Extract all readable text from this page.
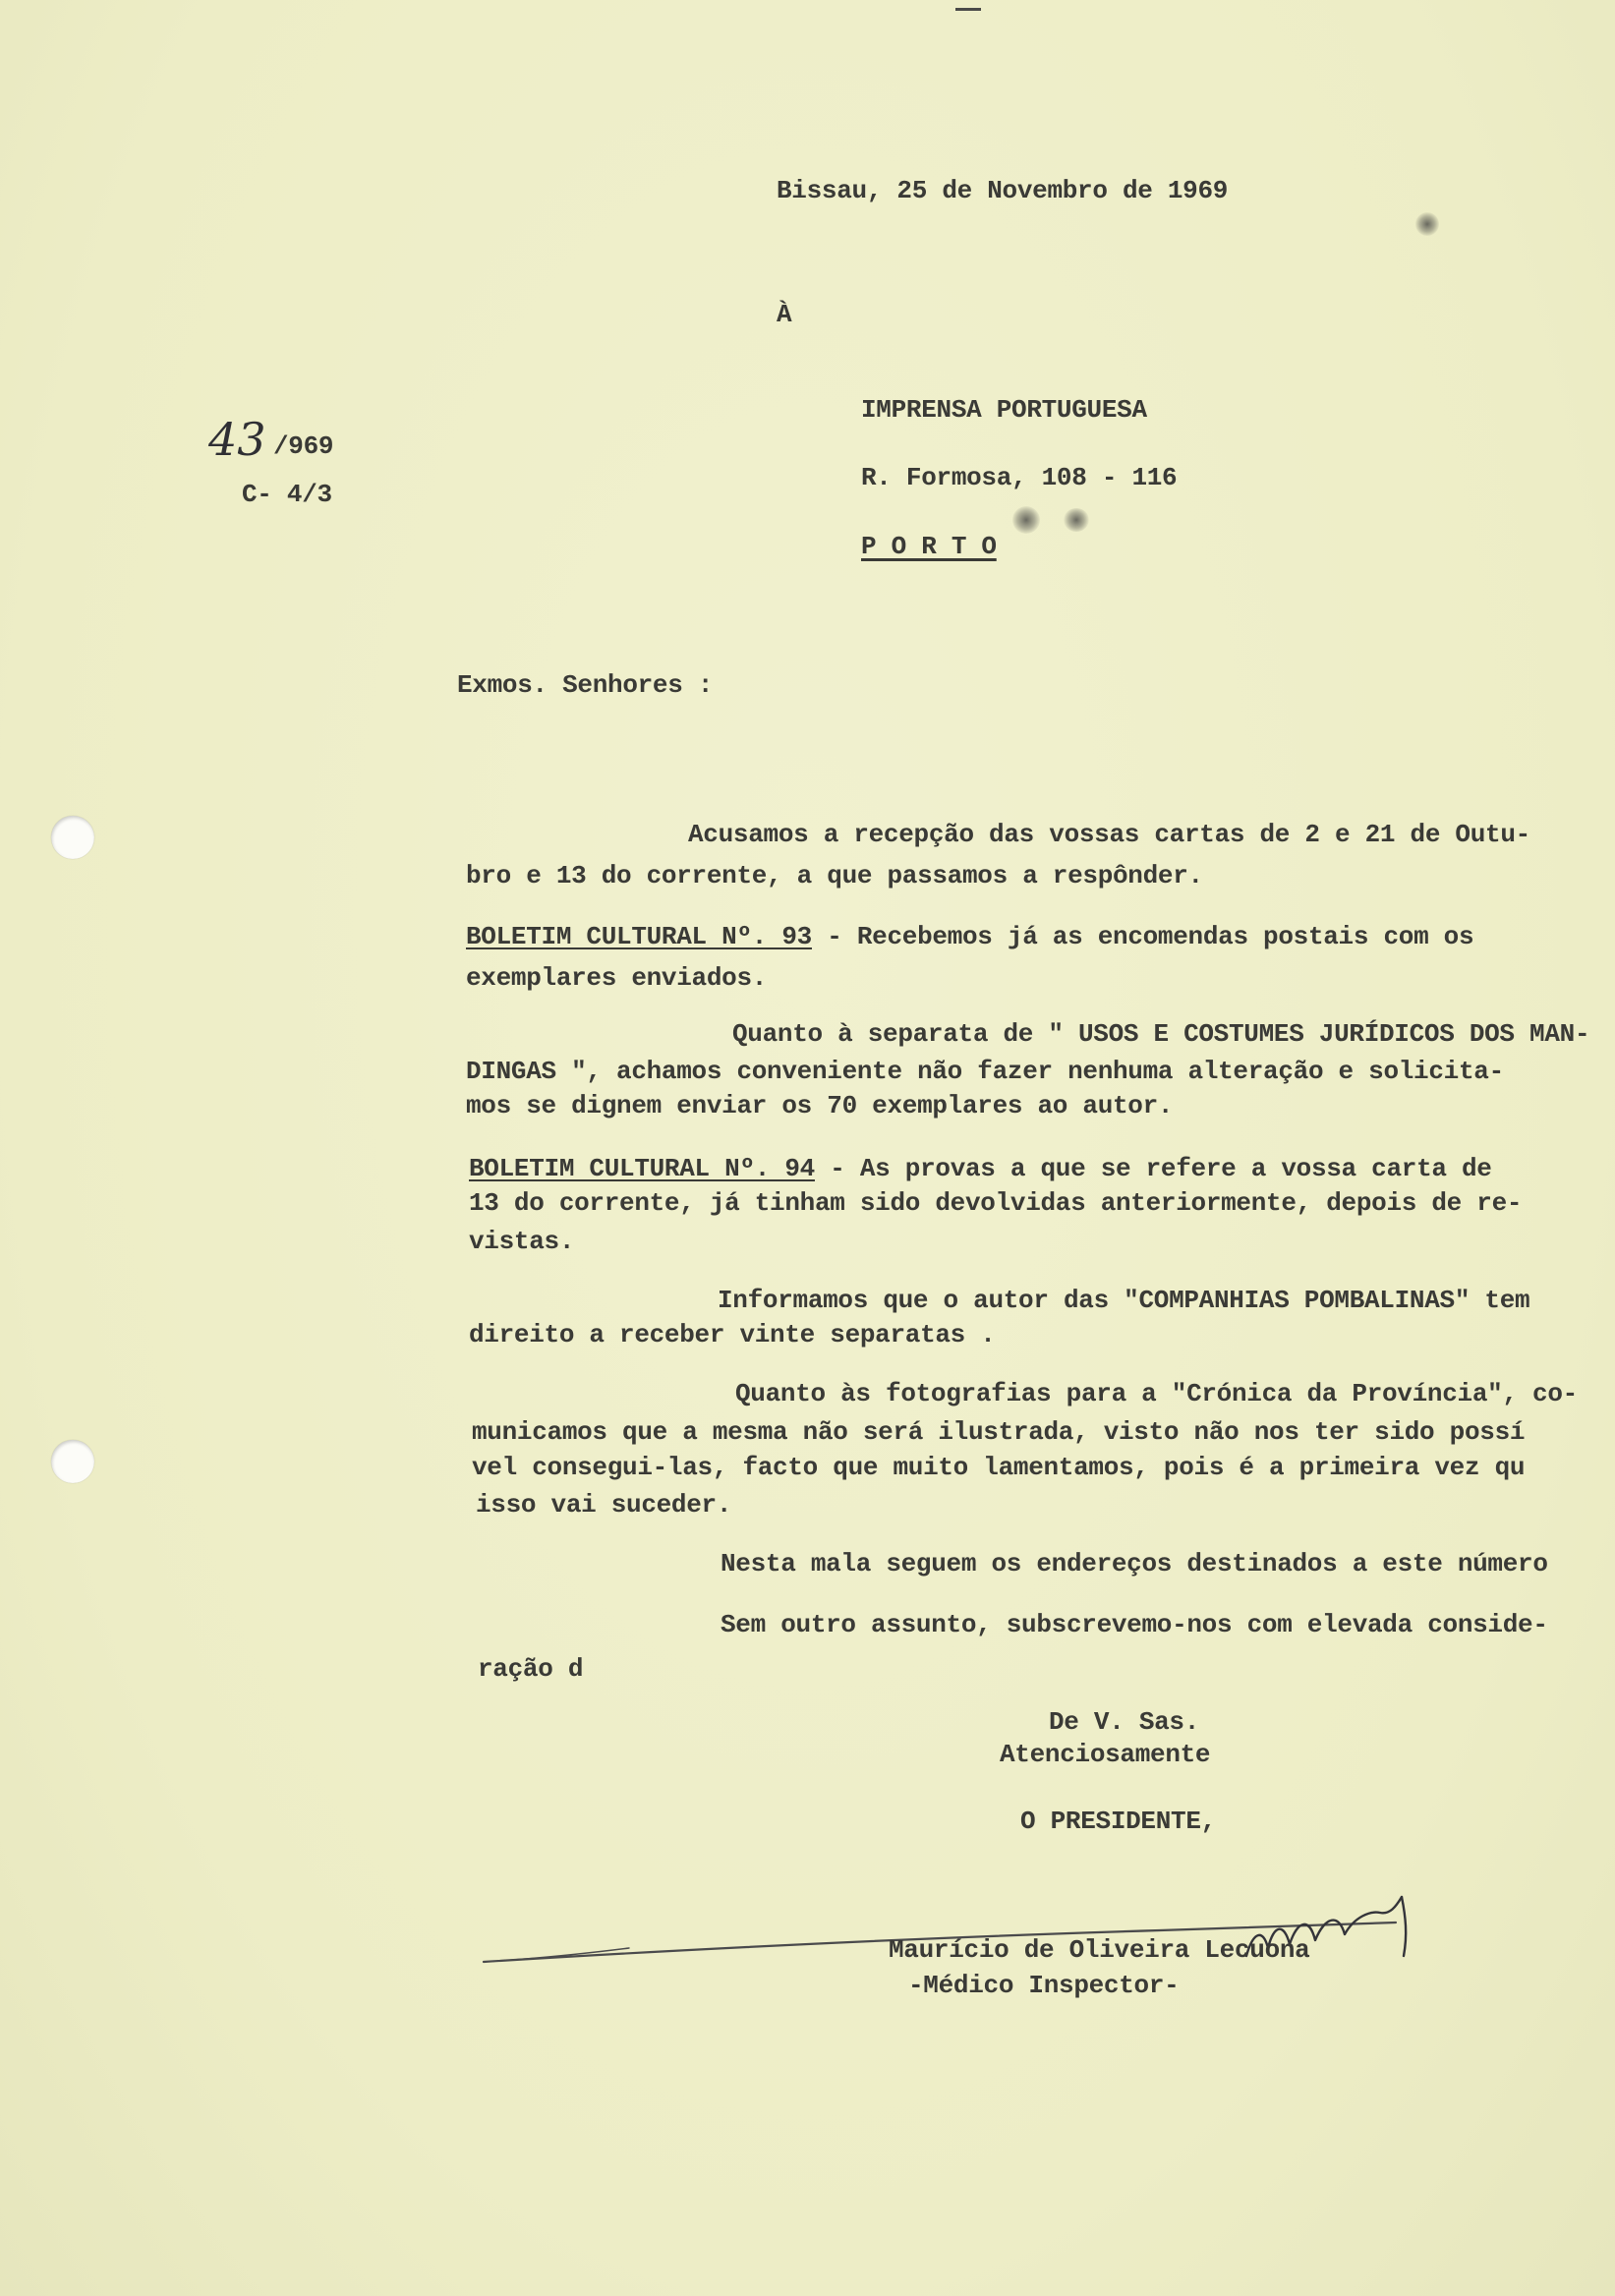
43 /969
C- 4/3
Bissau, 25 de Novembro de 1969
À
IMPRENSA PORTUGUESA
R. Formosa, 108 - 116
P O R T O
Exmos. Senhores :
Acusamos a recepção das vossas cartas de 2 e 21 de Outu-
bro e 13 do corrente, a que passamos a respônder.
BOLETIM CULTURAL Nº. 93 - Recebemos já as encomendas postais com os
exemplares enviados.
Quanto à separata de " USOS E COSTUMES JURÍDICOS DOS MAN-
DINGAS ", achamos conveniente não fazer nenhuma alteração e solicita-
mos se dignem enviar os 70 exemplares ao autor.
BOLETIM CULTURAL Nº. 94 - As provas a que se refere a vossa carta de
13 do corrente, já tinham sido devolvidas anteriormente, depois de re-
vistas.
Informamos que o autor das "COMPANHIAS POMBALINAS" tem
direito a receber vinte separatas .
Quanto às fotografias para a "Crónica da Província", co-
municamos que a mesma não será ilustrada, visto não nos ter sido possí
vel consegui-las, facto que muito lamentamos, pois é a primeira vez qu
isso vai suceder.
Nesta mala seguem os endereços destinados a este número
Sem outro assunto, subscrevemo-nos com elevada conside-
ração d
De V. Sas.
Atenciosamente
O PRESIDENTE,
Maurício de Oliveira Lecuona
-Médico Inspector-
